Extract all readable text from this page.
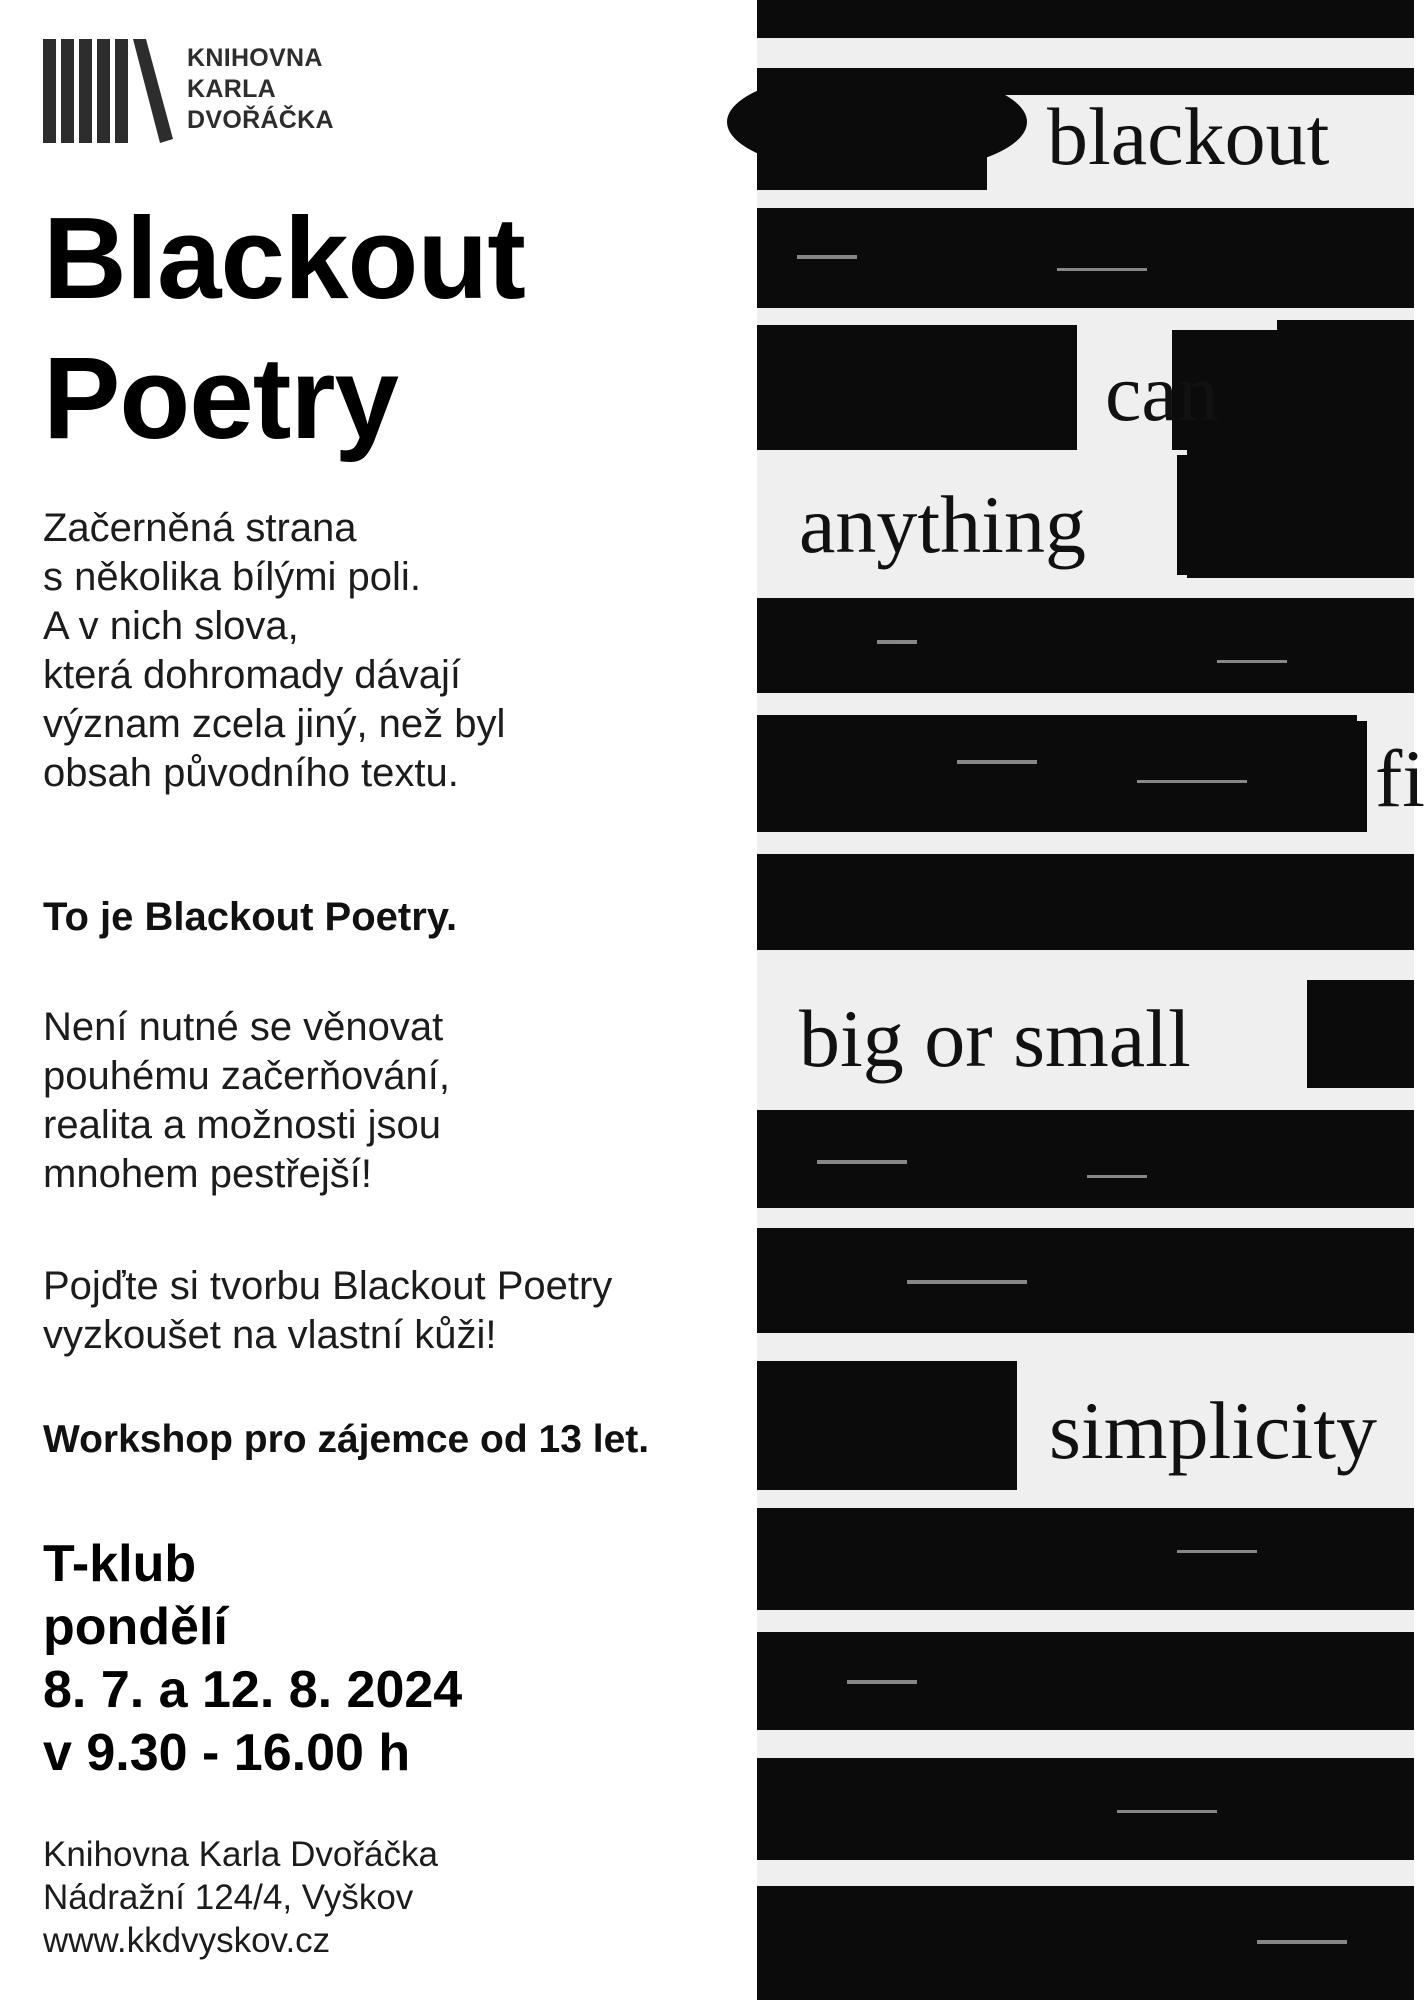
KNIHOVNA
KARLA
DVOŘÁČKA
Blackout
Poetry
Začerněná strana
s několika bílými poli.
A v nich slova,
která dohromady dávají
význam zcela jiný, než byl
obsah původního textu.
To je Blackout Poetry.
Není nutné se věnovat
pouhému začerňování,
realita a možnosti jsou
mnohem pestřejší!
Pojďte si tvorbu Blackout Poetry
vyzkoušet na vlastní kůži!
Workshop pro zájemce od 13 let.
T-klub
pondělí
8. 7. a 12. 8. 2024
v 9.30 - 16.00 h
Knihovna Karla Dvořáčka
Nádražní 124/4, Vyškov
www.kkdvyskov.cz
blackout
can
anything
fi
big or small
simplicity
